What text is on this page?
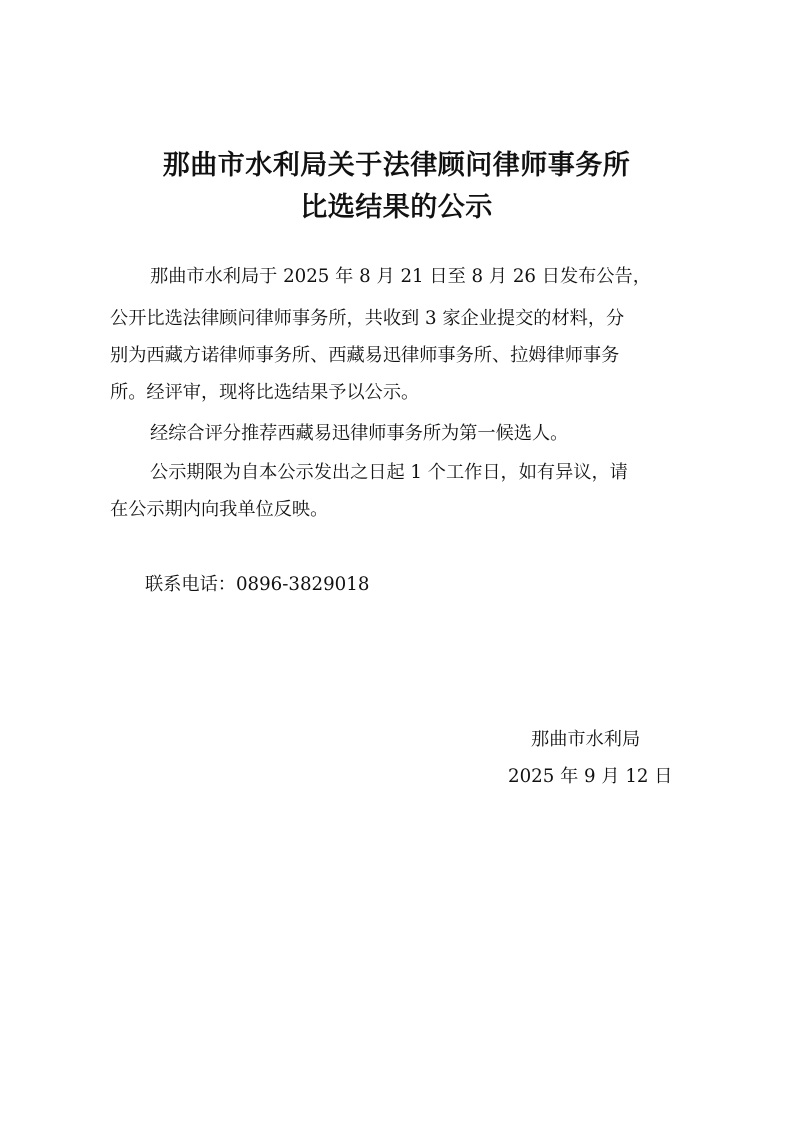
那曲市水利局关于法律顾问律师事务所
比选结果的公示

那曲市水利局于 2025 年 8 月 21 日至 8 月 26 日发布公告，

公开比选法律顾问律师事务所，共收到 3 家企业提交的材料，分

别为西藏方诺律师事务所、西藏易迅律师事务所、拉姆律师事务

所。经评审，现将比选结果予以公示。

经综合评分推荐西藏易迅律师事务所为第一候选人。

公示期限为自本公示发出之日起 1 个工作日，如有异议，请

在公示期内向我单位反映。

联系电话：0896-3829018
那曲市水利局
2025 年 9 月 12 日
